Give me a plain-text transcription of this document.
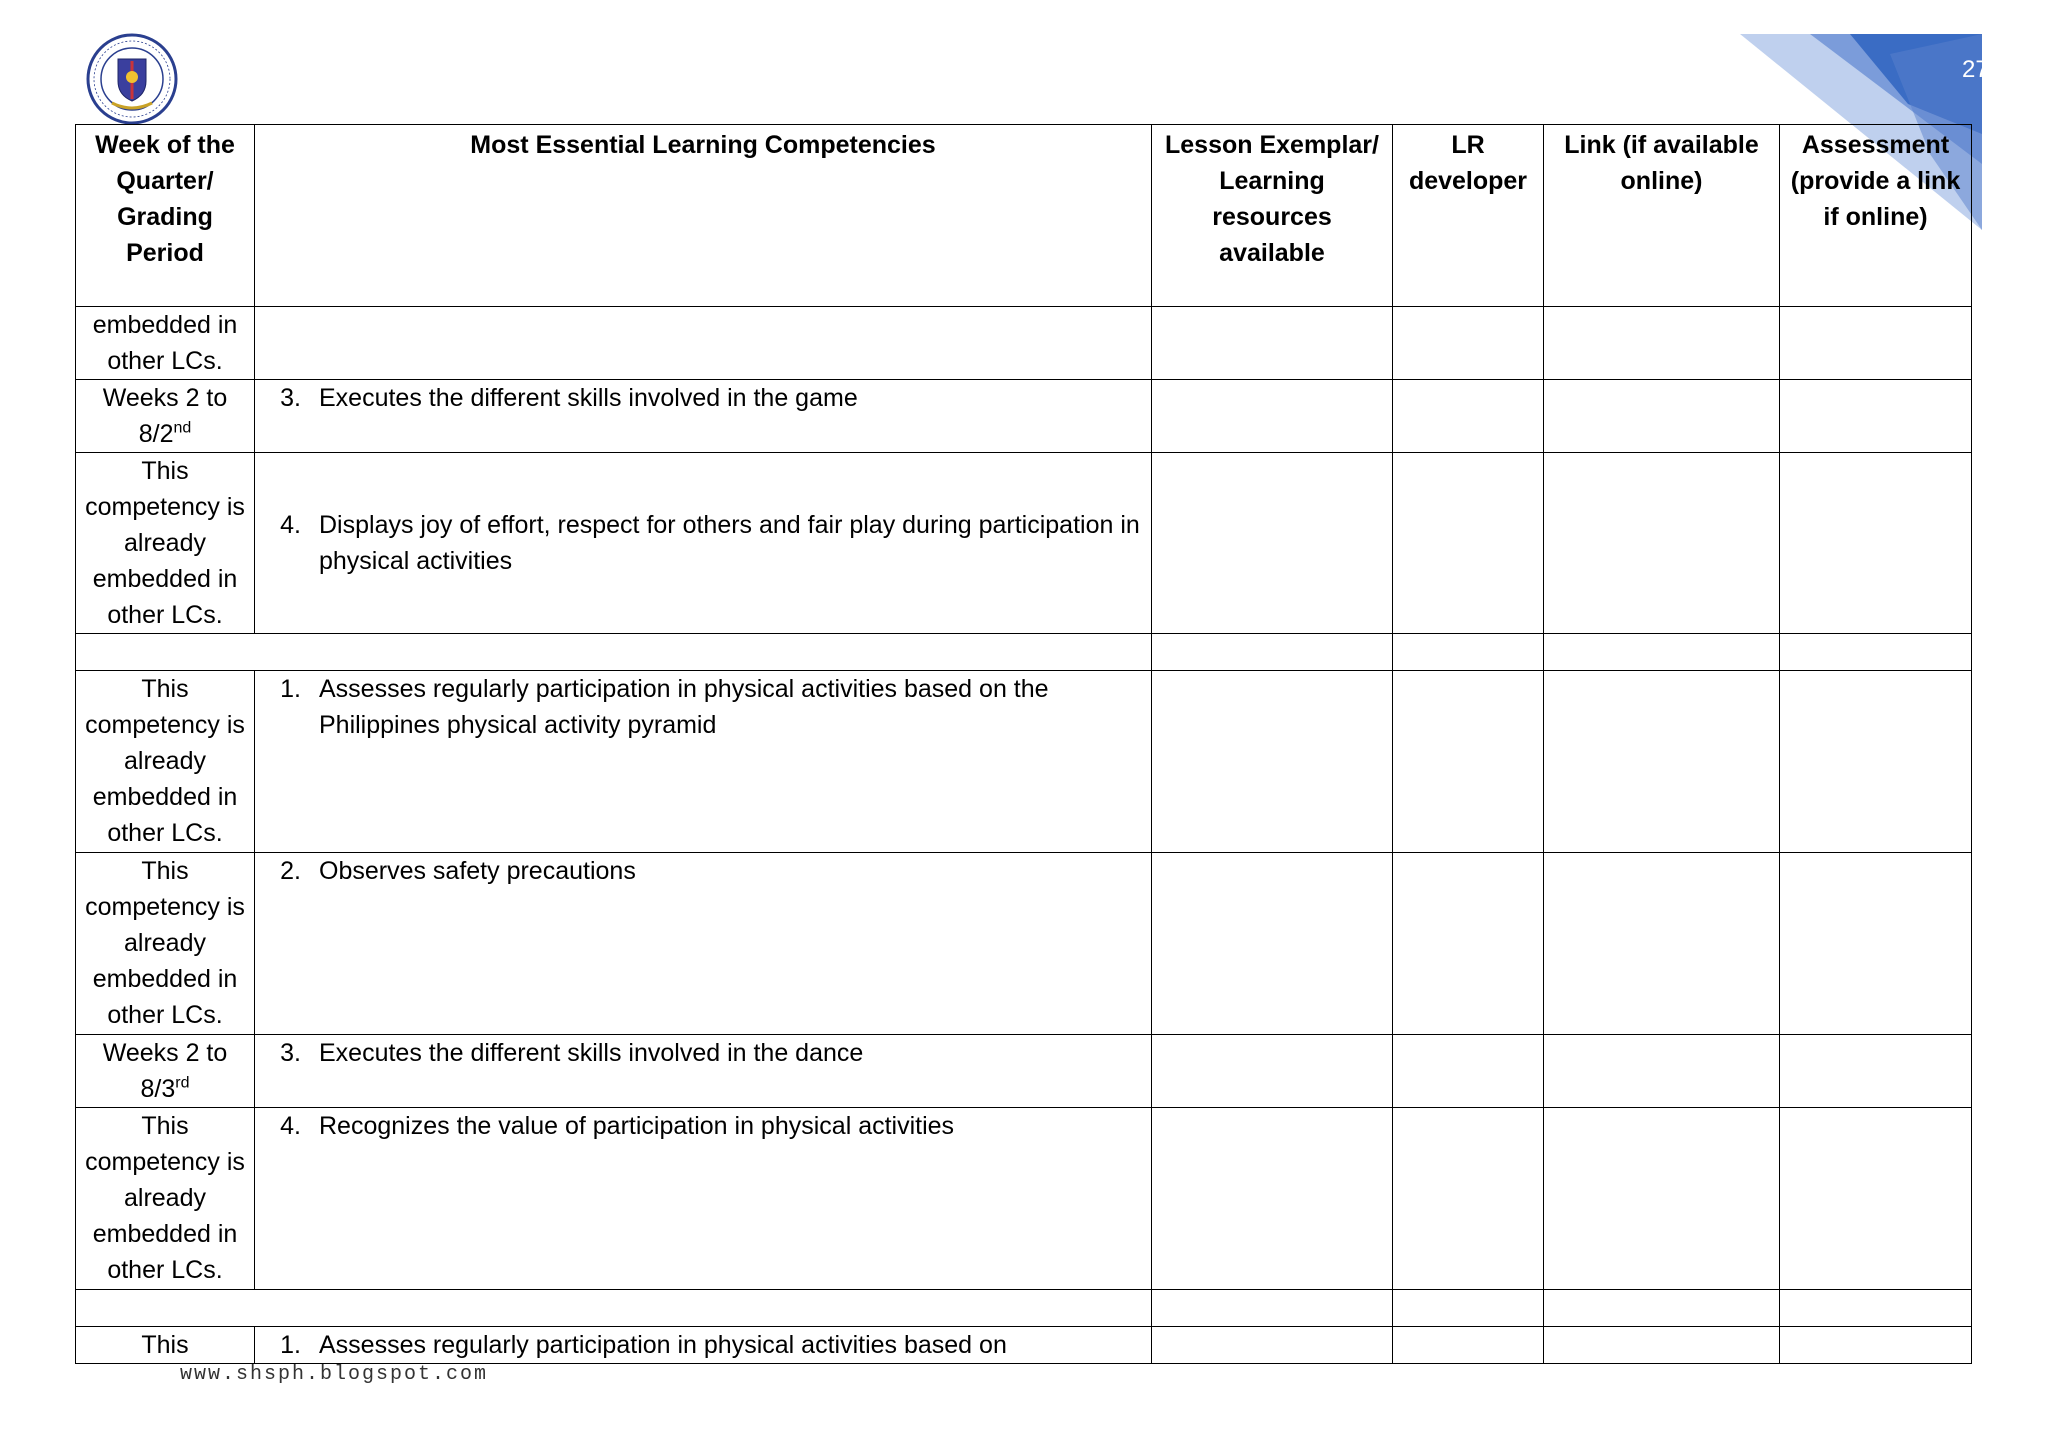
272
Week of the Quarter/ Grading Period	Most Essential Learning Competencies	Lesson Exemplar/ Learning resources available	LR developer	Link (if available online)	Assessment (provide a link if online)
embedded in other LCs.					
Weeks 2 to 8/2nd	3. Executes the different skills involved in the game				

This competency is already embedded in other LCs.	4. Displays joy of effort, respect for others and fair play during participation in physical activities				

This competency is already embedded in other LCs.	1. Assesses regularly participation in physical activities based on the Philippines physical activity pyramid				

This competency is already embedded in other LCs.	2. Observes safety precautions				

Weeks 2 to 8/3rd	3. Executes the different skills involved in the dance				

This competency is already embedded in other LCs.	4. Recognizes the value of participation in physical activities				

This	1. Assesses regularly participation in physical activities based on				

www.shsph.blogspot.com
